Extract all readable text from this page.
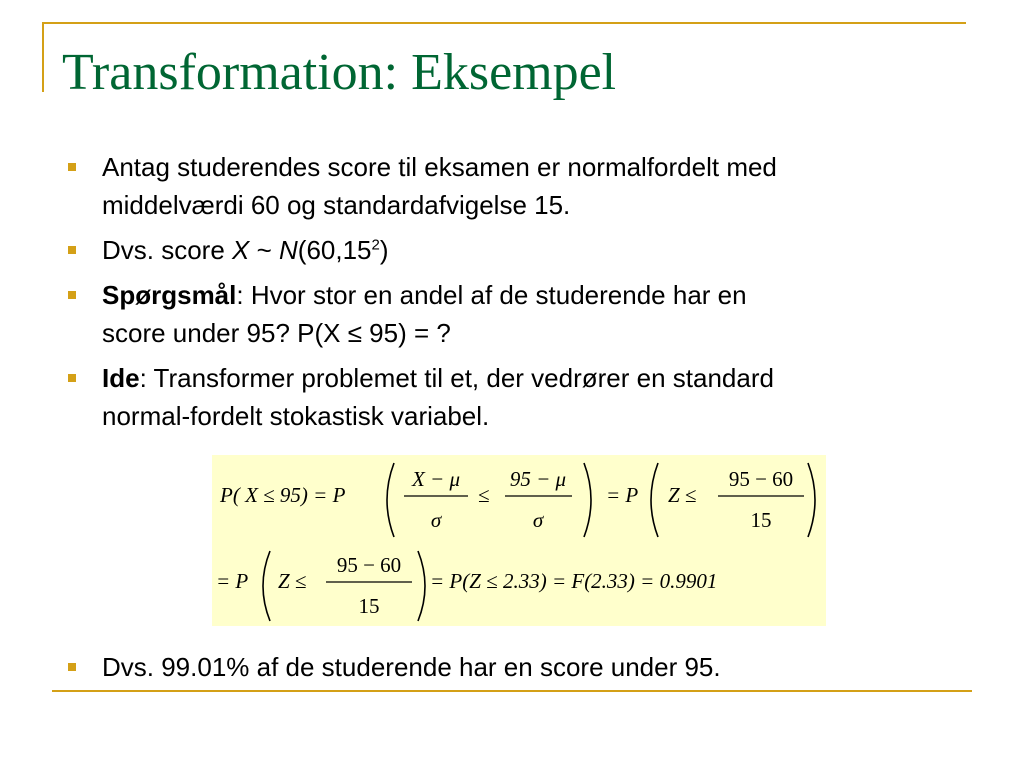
Transformation: Eksempel
Antag studerendes score til eksamen er normalfordelt med
middelværdi 60 og standardafvigelse 15.
Dvs. score X ~ N(60,15$^2$)
Spørgsmål: Hvor stor en andel af de studerende har en
score under 95? P(X ≤ 95) = ?
Ide: Transformer problemet til et, der vedrører en standard
normal-fordelt stokastisk variabel.
P( X ≤ 95) = P
X − μ
σ
≤
95 − μ
σ
= P Z ≤
95 − 60
15
= P Z ≤
95 − 60
15
= P(Z ≤ 2.33) = F(2.33) = 0.9901
Dvs. 99.01% af de studerende har en score under 95.
